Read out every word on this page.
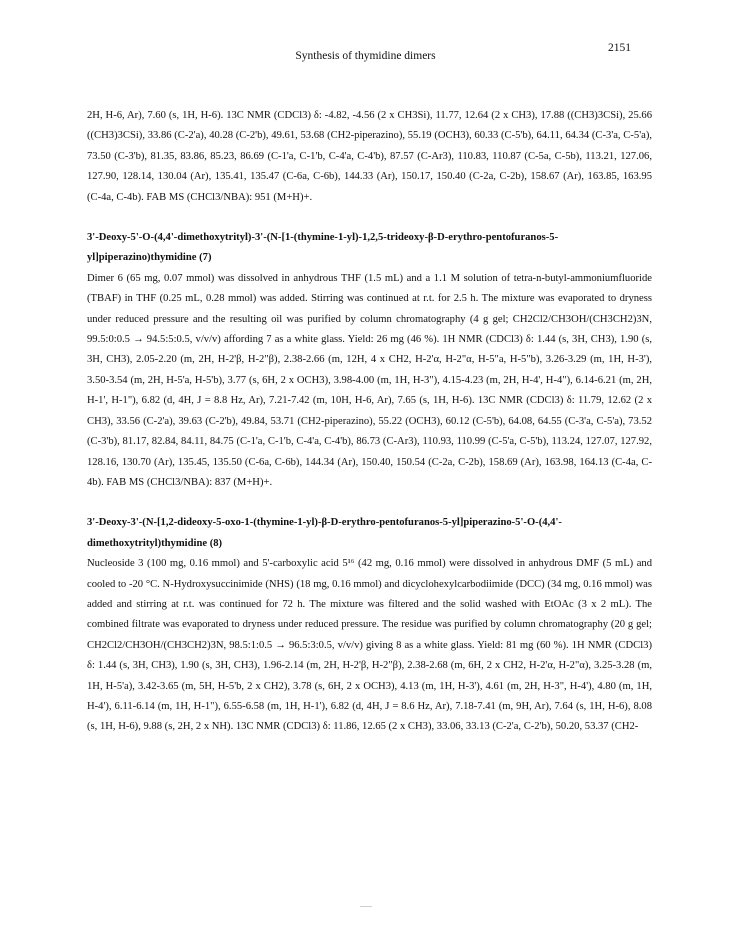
2151
Synthesis of thymidine dimers

2H, H-6, Ar), 7.60 (s, 1H, H-6). 13C NMR (CDCl3) δ: -4.82, -4.56 (2 x CH3Si), 11.77, 12.64 (2 x CH3), 17.88 ((CH3)3CSi), 25.66 ((CH3)3CSi), 33.86 (C-2'a), 40.28 (C-2'b), 49.61, 53.68 (CH2-piperazino), 55.19 (OCH3), 60.33 (C-5'b), 64.11, 64.34 (C-3'a, C-5'a), 73.50 (C-3'b), 81.35, 83.86, 85.23, 86.69 (C-1'a, C-1'b, C-4'a, C-4'b), 87.57 (C-Ar3), 110.83, 110.87 (C-5a, C-5b), 113.21, 127.06, 127.90, 128.14, 130.04 (Ar), 135.41, 135.47 (C-6a, C-6b), 144.33 (Ar), 150.17, 150.40 (C-2a, C-2b), 158.67 (Ar), 163.85, 163.95 (C-4a, C-4b). FAB MS (CHCl3/NBA): 951 (M+H)+.

3'-Deoxy-5'-O-(4,4'-dimethoxytrityl)-3'-(N-[1-(thymine-1-yl)-1,2,5-trideoxy-β-D-erythro-pentofuranos-5-yl]piperazino)thymidine (7)

Dimer 6 (65 mg, 0.07 mmol) was dissolved in anhydrous THF (1.5 mL) and a 1.1 M solution of tetra-n-butyl-ammoniumfluoride (TBAF) in THF (0.25 mL, 0.28 mmol) was added. Stirring was continued at r.t. for 2.5 h. The mixture was evaporated to dryness under reduced pressure and the resulting oil was purified by column chromatography (4 g gel; CH2Cl2/CH3OH/(CH3CH2)3N, 99.5:0:0.5 → 94.5:5:0.5, v/v/v) affording 7 as a white glass. Yield: 26 mg (46 %). 1H NMR (CDCl3) δ: 1.44 (s, 3H, CH3), 1.90 (s, 3H, CH3), 2.05-2.20 (m, 2H, H-2'β, H-2"β), 2.38-2.66 (m, 12H, 4 x CH2, H-2'α, H-2"α, H-5"a, H-5"b), 3.26-3.29 (m, 1H, H-3'), 3.50-3.54 (m, 2H, H-5'a, H-5'b), 3.77 (s, 6H, 2 x OCH3), 3.98-4.00 (m, 1H, H-3"), 4.15-4.23 (m, 2H, H-4', H-4"), 6.14-6.21 (m, 2H, H-1', H-1"), 6.82 (d, 4H, J = 8.8 Hz, Ar), 7.21-7.42 (m, 10H, H-6, Ar), 7.65 (s, 1H, H-6). 13C NMR (CDCl3) δ: 11.79, 12.62 (2 x CH3), 33.56 (C-2'a), 39.63 (C-2'b), 49.84, 53.71 (CH2-piperazino), 55.22 (OCH3), 60.12 (C-5'b), 64.08, 64.55 (C-3'a, C-5'a), 73.52 (C-3'b), 81.17, 82.84, 84.11, 84.75 (C-1'a, C-1'b, C-4'a, C-4'b), 86.73 (C-Ar3), 110.93, 110.99 (C-5'a, C-5'b), 113.24, 127.07, 127.92, 128.16, 130.70 (Ar), 135.45, 135.50 (C-6a, C-6b), 144.34 (Ar), 150.40, 150.54 (C-2a, C-2b), 158.69 (Ar), 163.98, 164.13 (C-4a, C-4b). FAB MS (CHCl3/NBA): 837 (M+H)+.

3'-Deoxy-3'-(N-[1,2-dideoxy-5-oxo-1-(thymine-1-yl)-β-D-erythro-pentofuranos-5-yl]piperazino-5'-O-(4,4'-dimethoxytrityl)thymidine (8)

Nucleoside 3 (100 mg, 0.16 mmol) and 5'-carboxylic acid 5¹⁶ (42 mg, 0.16 mmol) were dissolved in anhydrous DMF (5 mL) and cooled to -20 °C. N-Hydroxysuccinimide (NHS) (18 mg, 0.16 mmol) and dicyclohexylcarbodiimide (DCC) (34 mg, 0.16 mmol) was added and stirring at r.t. was continued for 72 h. The mixture was filtered and the solid washed with EtOAc (3 x 2 mL). The combined filtrate was evaporated to dryness under reduced pressure. The residue was purified by column chromatography (20 g gel; CH2Cl2/CH3OH/(CH3CH2)3N, 98.5:1:0.5 → 96.5:3:0.5, v/v/v) giving 8 as a white glass. Yield: 81 mg (60 %). 1H NMR (CDCl3) δ: 1.44 (s, 3H, CH3), 1.90 (s, 3H, CH3), 1.96-2.14 (m, 2H, H-2'β, H-2"β), 2.38-2.68 (m, 6H, 2 x CH2, H-2'α, H-2"α), 3.25-3.28 (m, 1H, H-5'a), 3.42-3.65 (m, 5H, H-5'b, 2 x CH2), 3.78 (s, 6H, 2 x OCH3), 4.13 (m, 1H, H-3'), 4.61 (m, 2H, H-3", H-4'), 4.80 (m, 1H, H-4'), 6.11-6.14 (m, 1H, H-1"), 6.55-6.58 (m, 1H, H-1'), 6.82 (d, 4H, J = 8.6 Hz, Ar), 7.18-7.41 (m, 9H, Ar), 7.64 (s, 1H, H-6), 8.08 (s, 1H, H-6), 9.88 (s, 2H, 2 x NH). 13C NMR (CDCl3) δ: 11.86, 12.65 (2 x CH3), 33.06, 33.13 (C-2'a, C-2'b), 50.20, 53.37 (CH2-
